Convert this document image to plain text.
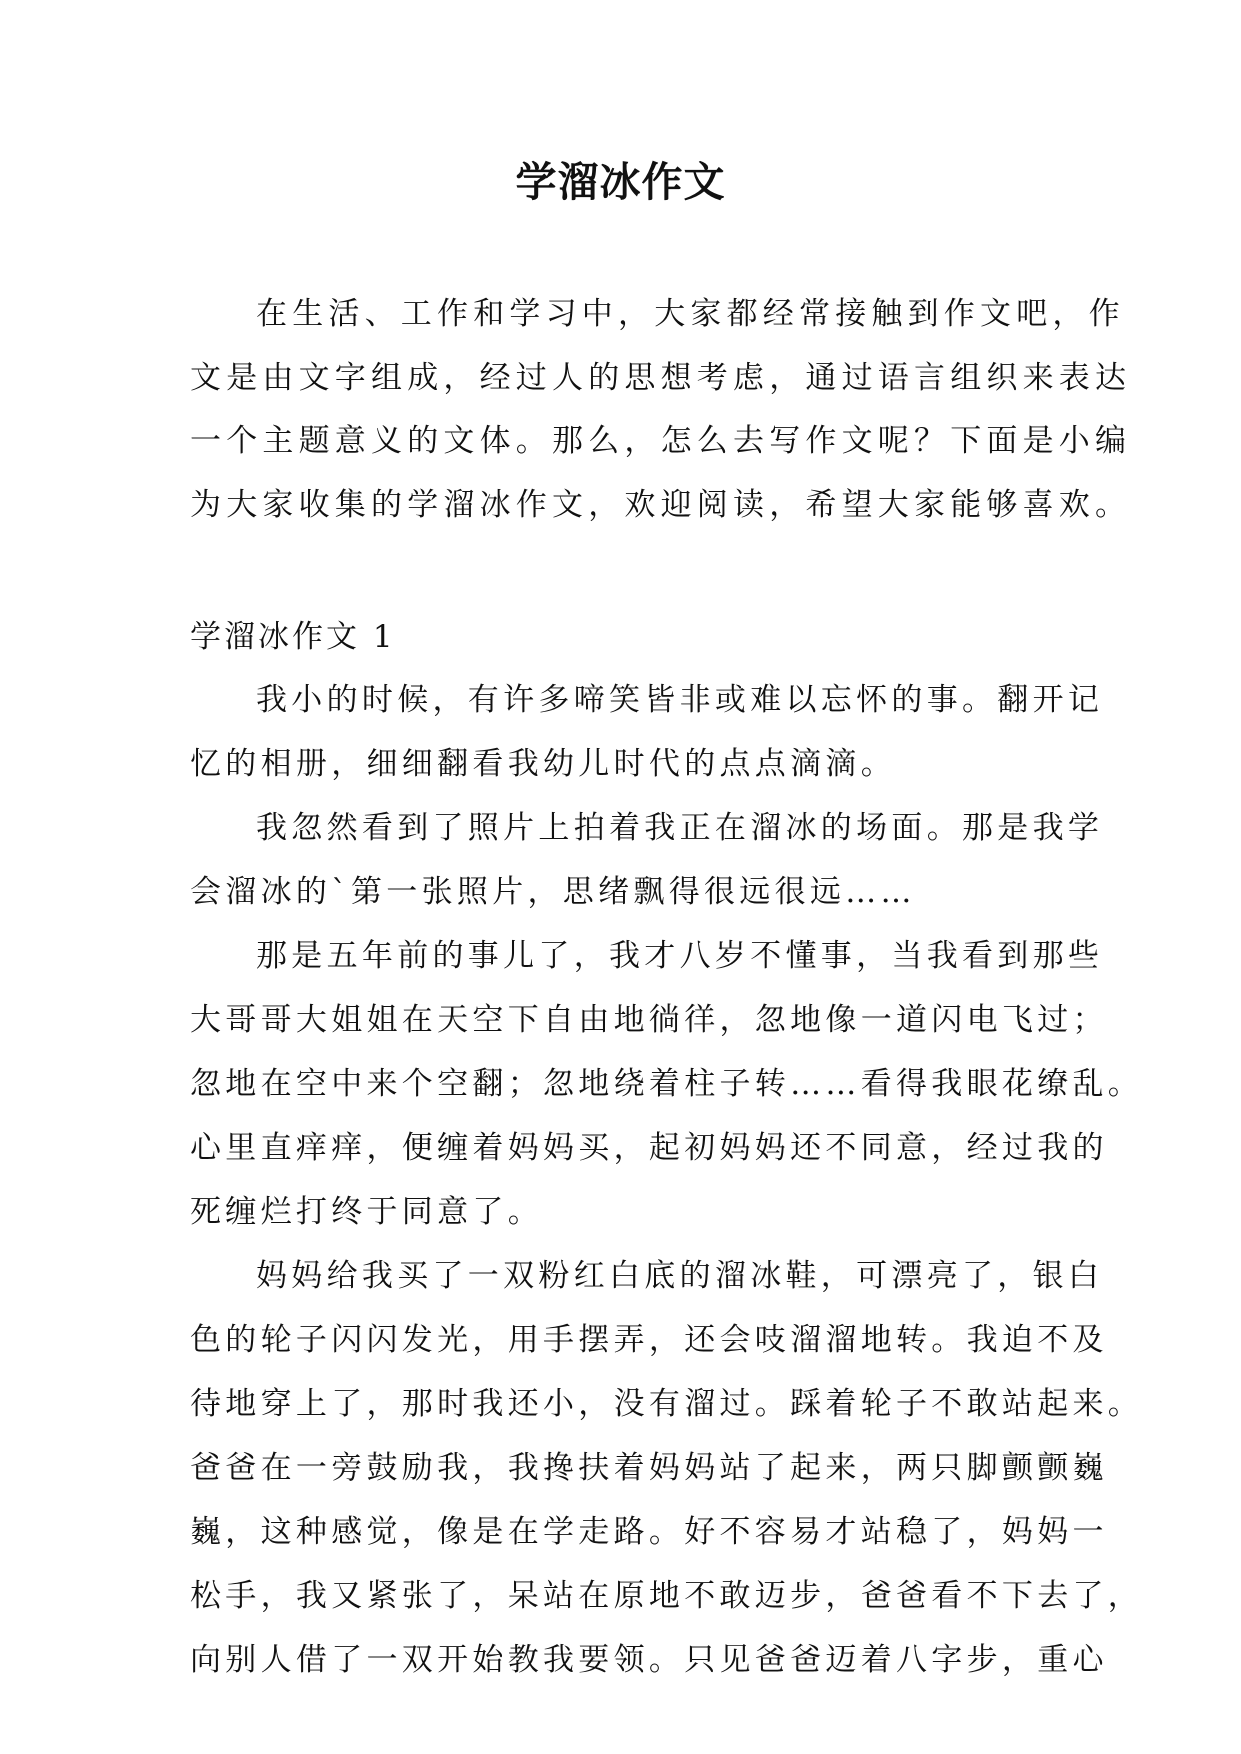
学溜冰作文
在生活、工作和学习中，大家都经常接触到作文吧，作
文是由文字组成，经过人的思想考虑，通过语言组织来表达
一个主题意义的文体。那么，怎么去写作文呢？下面是小编
为大家收集的学溜冰作文，欢迎阅读，希望大家能够喜欢。
学溜冰作文 1
我小的时候，有许多啼笑皆非或难以忘怀的事。翻开记
忆的相册，细细翻看我幼儿时代的点点滴滴。
我忽然看到了照片上拍着我正在溜冰的场面。那是我学
会溜冰的`第一张照片，思绪飘得很远很远……
那是五年前的事儿了，我才八岁不懂事，当我看到那些
大哥哥大姐姐在天空下自由地徜徉，忽地像一道闪电飞过；
忽地在空中来个空翻；忽地绕着柱子转……看得我眼花缭乱。
心里直痒痒，便缠着妈妈买，起初妈妈还不同意，经过我的
死缠烂打终于同意了。
妈妈给我买了一双粉红白底的溜冰鞋，可漂亮了，银白
色的轮子闪闪发光，用手摆弄，还会吱溜溜地转。我迫不及
待地穿上了，那时我还小，没有溜过。踩着轮子不敢站起来。
爸爸在一旁鼓励我，我搀扶着妈妈站了起来，两只脚颤颤巍
巍，这种感觉，像是在学走路。好不容易才站稳了，妈妈一
松手，我又紧张了，呆站在原地不敢迈步，爸爸看不下去了，
向别人借了一双开始教我要领。只见爸爸迈着八字步，重心
